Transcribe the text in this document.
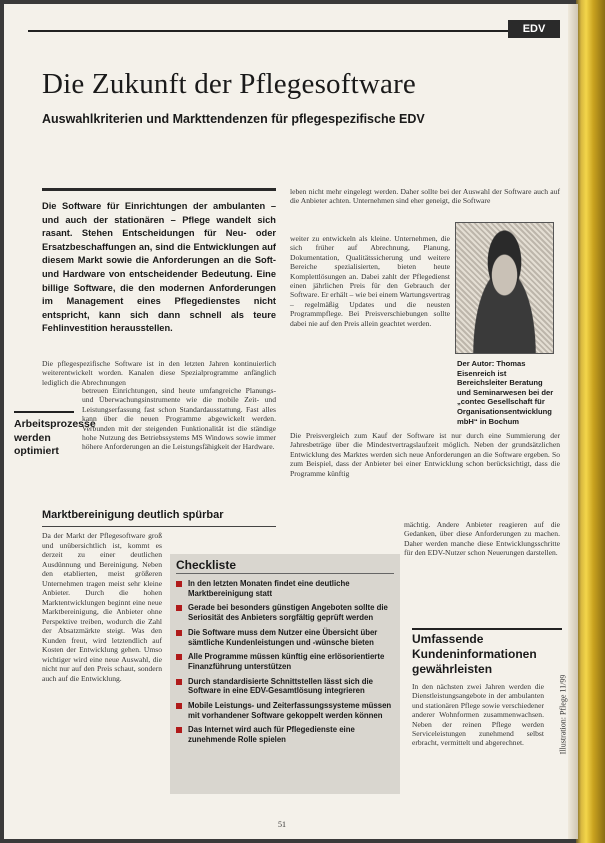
EDV
Die Zukunft der Pflegesoftware
Auswahlkriterien und Markttendenzen für pflegespezifische EDV
Die Software für Einrichtungen der ambulanten – und auch der stationären – Pflege wandelt sich rasant. Stehen Entscheidungen für Neu- oder Ersatzbeschaffungen an, sind die Entwicklungen auf diesem Markt sowie die Anforderungen an die Soft- und Hardware von entscheidender Bedeutung. Eine billige Software, die den modernen Anforderungen im Management eines Pflegedienstes nicht entspricht, kann sich dann schnell als teure Fehlinvestition herausstellen.
Die pflegespezifische Software ist in den letzten Jahren kontinuierlich weiterentwickelt worden. Kanalen diese Spezialprogramme anfänglich lediglich die Abrechnungen
Arbeitsprozesse werden optimiert
betreuen Einrichtungen, sind heute umfangreiche Planungs- und Überwachungsinstrumente wie die mobile Zeit- und Leistungserfassung fast schon Standardausstattung. Fast alles kann über die neuen Programme abgewickelt werden. Verbunden mit der steigenden Funktionalität ist die ständige hohe Nutzung des Betriebssystems MS Windows sowie immer höhere Anforderungen an die Leistungsfähigkeit der Hardware.
Marktbereinigung deutlich spürbar
Da der Markt der Pflegesoftware groß und unübersichtlich ist, kommt es derzeit zu einer deutlichen Ausdünnung und Bereinigung. Neben den etablierten, meist größeren Unternehmen tragen meist sehr kleine Anbieter. Durch die hohen Marktentwicklungen beginnt eine neue Marktbereinigung, die Anbieter ohne Perspektive treiben, wodurch die Zahl der Absatzmärkte steigt. Was den Kunden freut, wird letztendlich auf Kosten der Entwicklung gehen. Umso wichtiger wird eine neue Auswahl, die nicht nur auf den Preis schaut, sondern auch auf die Entwicklung.
leben nicht mehr eingelegt werden. Daher sollte bei der Auswahl der Software auch auf die Anbieter achten. Unternehmen sind eher geneigt, die Software
weiter zu entwickeln als kleine. Unternehmen, die sich früher auf Abrechnung, Planung, Dokumentation, Qualitätssicherung und weitere Bereiche spezialisierten, bieten heute Komplettlösungen an. Dabei zahlt der Pflegedienst einen jährlichen Preis für den Gebrauch der Software. Er erhält – wie bei einem Wartungsvertrag – regelmäßig Updates und die neusten Programmpflege. Bei Preisverschiebungen sollte dabei nie auf den Preis allein geachtet werden.
Der Autor: Thomas Eisenreich ist Bereichsleiter Beratung und Seminarwesen bei der „contec Gesellschaft für Organisationsentwicklung mbH“ in Bochum
Die Preisvergleich zum Kauf der Software ist nur durch eine Summierung der Jahresbeträge über die Mindestvertragslaufzeit möglich. Neben der grundsätzlichen Entwicklung des Marktes werden sich neue Anforderungen an die Software ergeben. So zum Beispiel, dass der Anbieter bei einer Entwicklung schon berücksichtigt, dass die Programme künftig
mächtig. Andere Anbieter reagieren auf die Gedanken, über diese Anforderungen zu machen. Daher werden manche diese Entwicklungsschritte für den EDV-Nutzer schon Neuerungen darstellen.
Checkliste
In den letzten Monaten findet eine deutliche Marktbereinigung statt
Gerade bei besonders günstigen Angeboten sollte die Seriosität des Anbieters sorgfältig geprüft werden
Die Software muss dem Nutzer eine Übersicht über sämtliche Kundenleistungen und -wünsche bieten
Alle Programme müssen künftig eine erlösorientierte Finanzführung unterstützen
Durch standardisierte Schnittstellen lässt sich die Software in eine EDV-Gesamtlösung integrieren
Mobile Leistungs- und Zeiterfassungssysteme müssen mit vorhandener Software gekoppelt werden können
Das Internet wird auch für Pflegedienste eine zunehmende Rolle spielen
Umfassende Kundeninformationen gewährleisten
In den nächsten zwei Jahren werden die Dienstleistungsangebote in der ambulanten und stationären Pflege sowie verschiedener anderer Wohnformen zusammenwachsen. Neben der reinen Pflege werden Serviceleistungen zunehmend selbst erbracht, vermittelt und abgerechnet.	Illustration: Pflege 11/99
51
